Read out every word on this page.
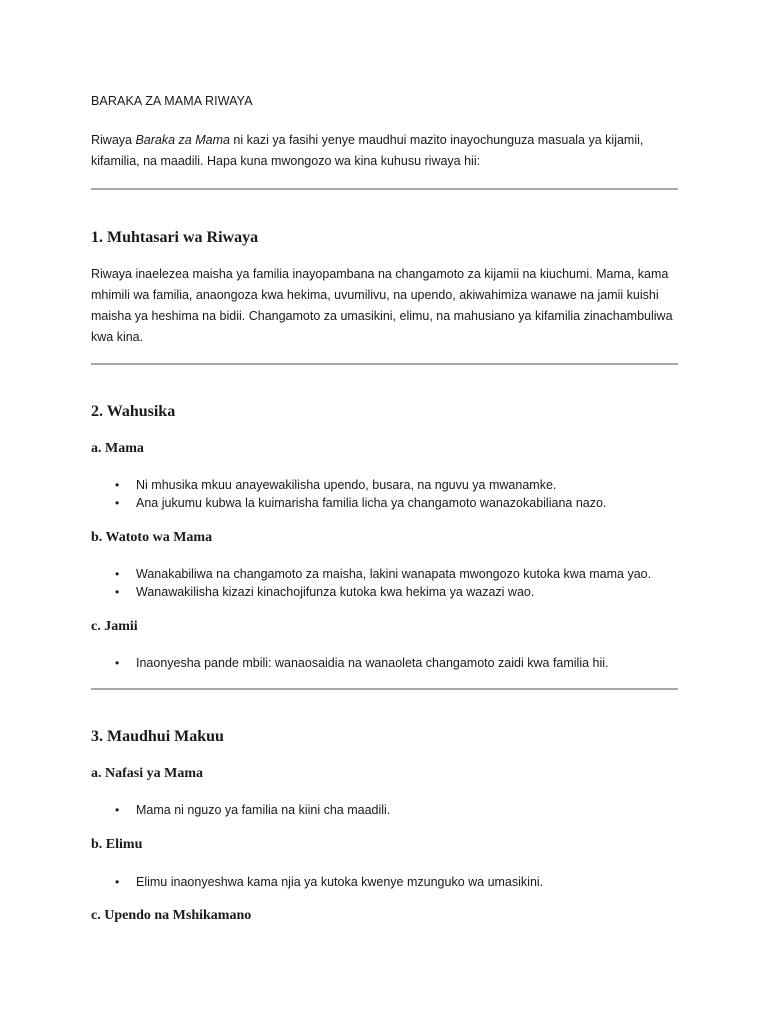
BARAKA ZA MAMA RIWAYA

Riwaya Baraka za Mama ni kazi ya fasihi yenye maudhui mazito inayochunguza masuala ya kijamii, kifamilia, na maadili. Hapa kuna mwongozo wa kina kuhusu riwaya hii:

1. Muhtasari wa Riwaya

Riwaya inaelezea maisha ya familia inayopambana na changamoto za kijamii na kiuchumi. Mama, kama mhimili wa familia, anaongoza kwa hekima, uvumilivu, na upendo, akiwahimiza wanawe na jamii kuishi maisha ya heshima na bidii. Changamoto za umasikini, elimu, na mahusiano ya kifamilia zinachambuliwa kwa kina.

2. Wahusika
a. Mama
• Ni mhusika mkuu anayewakilisha upendo, busara, na nguvu ya mwanamke.
• Ana jukumu kubwa la kuimarisha familia licha ya changamoto wanazokabiliana nazo.
b. Watoto wa Mama
• Wanakabiliwa na changamoto za maisha, lakini wanapata mwongozo kutoka kwa mama yao.
• Wanawakilisha kizazi kinachojifunza kutoka kwa hekima ya wazazi wao.
c. Jamii
• Inaonyesha pande mbili: wanaosaidia na wanaoleta changamoto zaidi kwa familia hii.
3. Maudhui Makuu
a. Nafasi ya Mama
• Mama ni nguzo ya familia na kiini cha maadili.
b. Elimu
• Elimu inaonyeshwa kama njia ya kutoka kwenye mzunguko wa umasikini.
c. Upendo na Mshikamano
